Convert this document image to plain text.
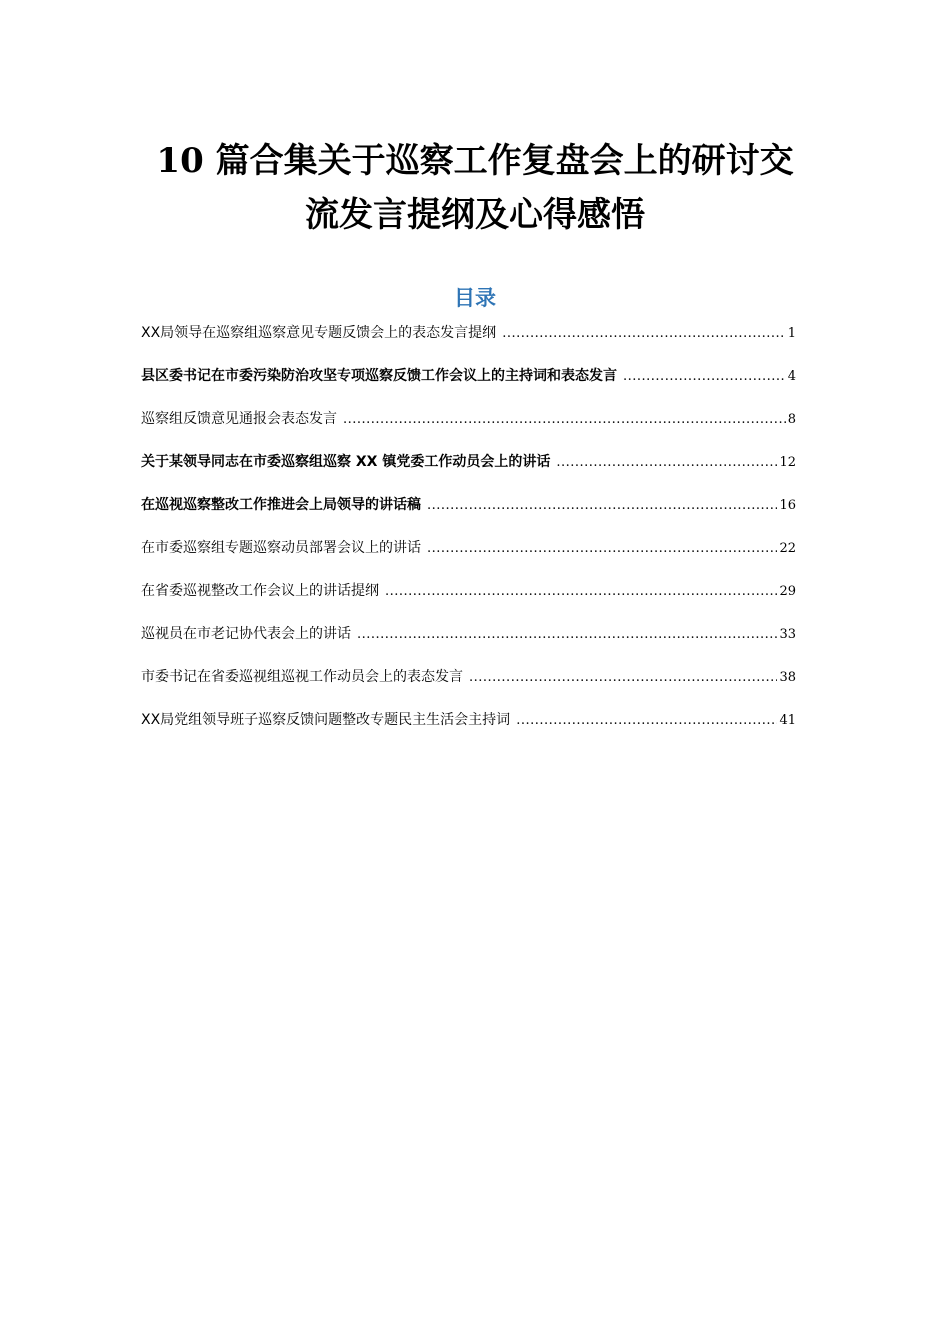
10 篇合集关于巡察工作复盘会上的研讨交
流发言提纲及心得感悟
目录
XX局领导在巡察组巡察意见专题反馈会上的表态发言提纲 .....	1
县区委书记在市委污染防治攻坚专项巡察反馈工作会议上的主持词和表态发言 .....	4
巡察组反馈意见通报会表态发言 .....	8
关于某领导同志在市委巡察组巡察 XX 镇党委工作动员会上的讲话 .....	12
在巡视巡察整改工作推进会上局领导的讲话稿 .....	16
在市委巡察组专题巡察动员部署会议上的讲话 .....	22
在省委巡视整改工作会议上的讲话提纲 .....	29
巡视员在市老记协代表会上的讲话 .....	33
市委书记在省委巡视组巡视工作动员会上的表态发言 .....	38
XX局党组领导班子巡察反馈问题整改专题民主生活会主持词 .....	41
